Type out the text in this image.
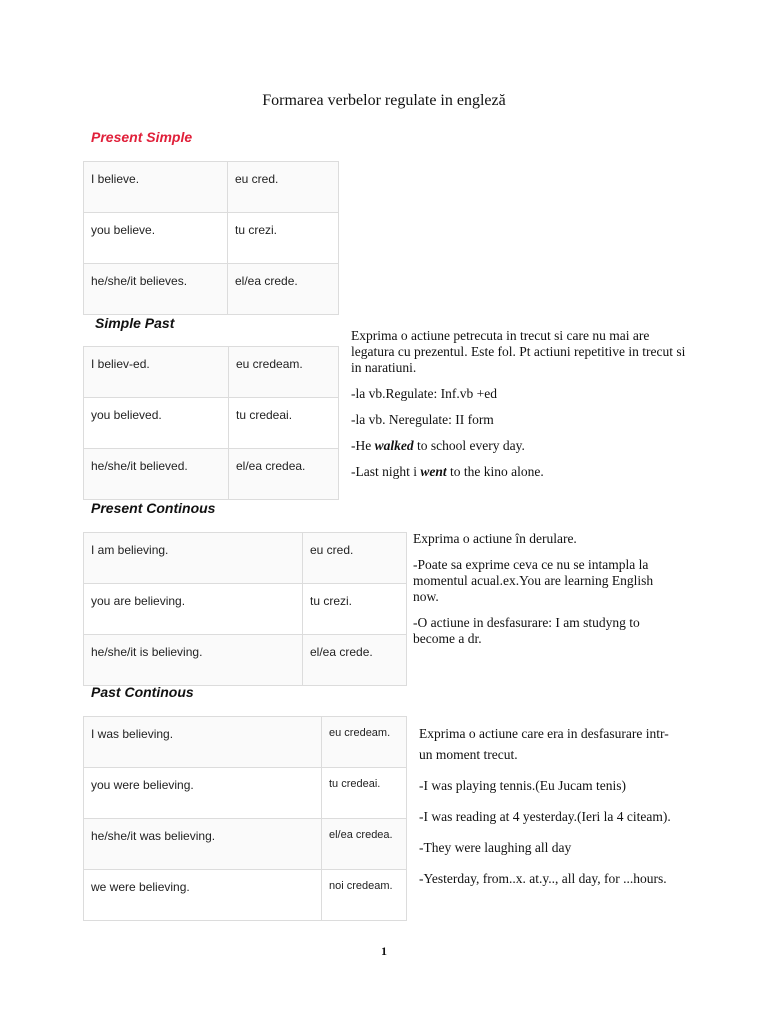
Formarea verbelor regulate in engleză
Present Simple
I believe.	eu cred.
you believe.	tu crezi.
he/she/it believes.	el/ea crede.
Simple Past
I believ-ed.	eu credeam.
you believed.	tu credeai.
he/she/it believed.	el/ea credea.

Exprima o actiune petrecuta in trecut si care nu mai are legatura cu prezentul. Este fol. Pt actiuni repetitive in trecut si in naratiuni.

-la vb.Regulate: Inf.vb +ed

-la vb. Neregulate: II form

-He walked to school every day.

-Last night i went to the kino alone.

Present Continous
I am believing.	eu cred.
you are believing.	tu crezi.
he/she/it is believing.	el/ea crede.

Exprima o actiune în derulare.

-Poate sa exprime ceva ce nu se intampla la momentul acual.ex.You are learning English now.

-O actiune in desfasurare: I am studyng to become a dr.

Past Continous
I was believing.	eu credeam.
you were believing.	tu credeai.
he/she/it was believing.	el/ea credea.
we were believing.	noi credeam.

Exprima o actiune care era in desfasurare intr-un moment trecut.

-I was playing tennis.(Eu Jucam tenis)

-I was reading at 4 yesterday.(Ieri la 4 citeam).

-They were laughing all day

-Yesterday, from..x. at.y.., all day, for ...hours.

1
